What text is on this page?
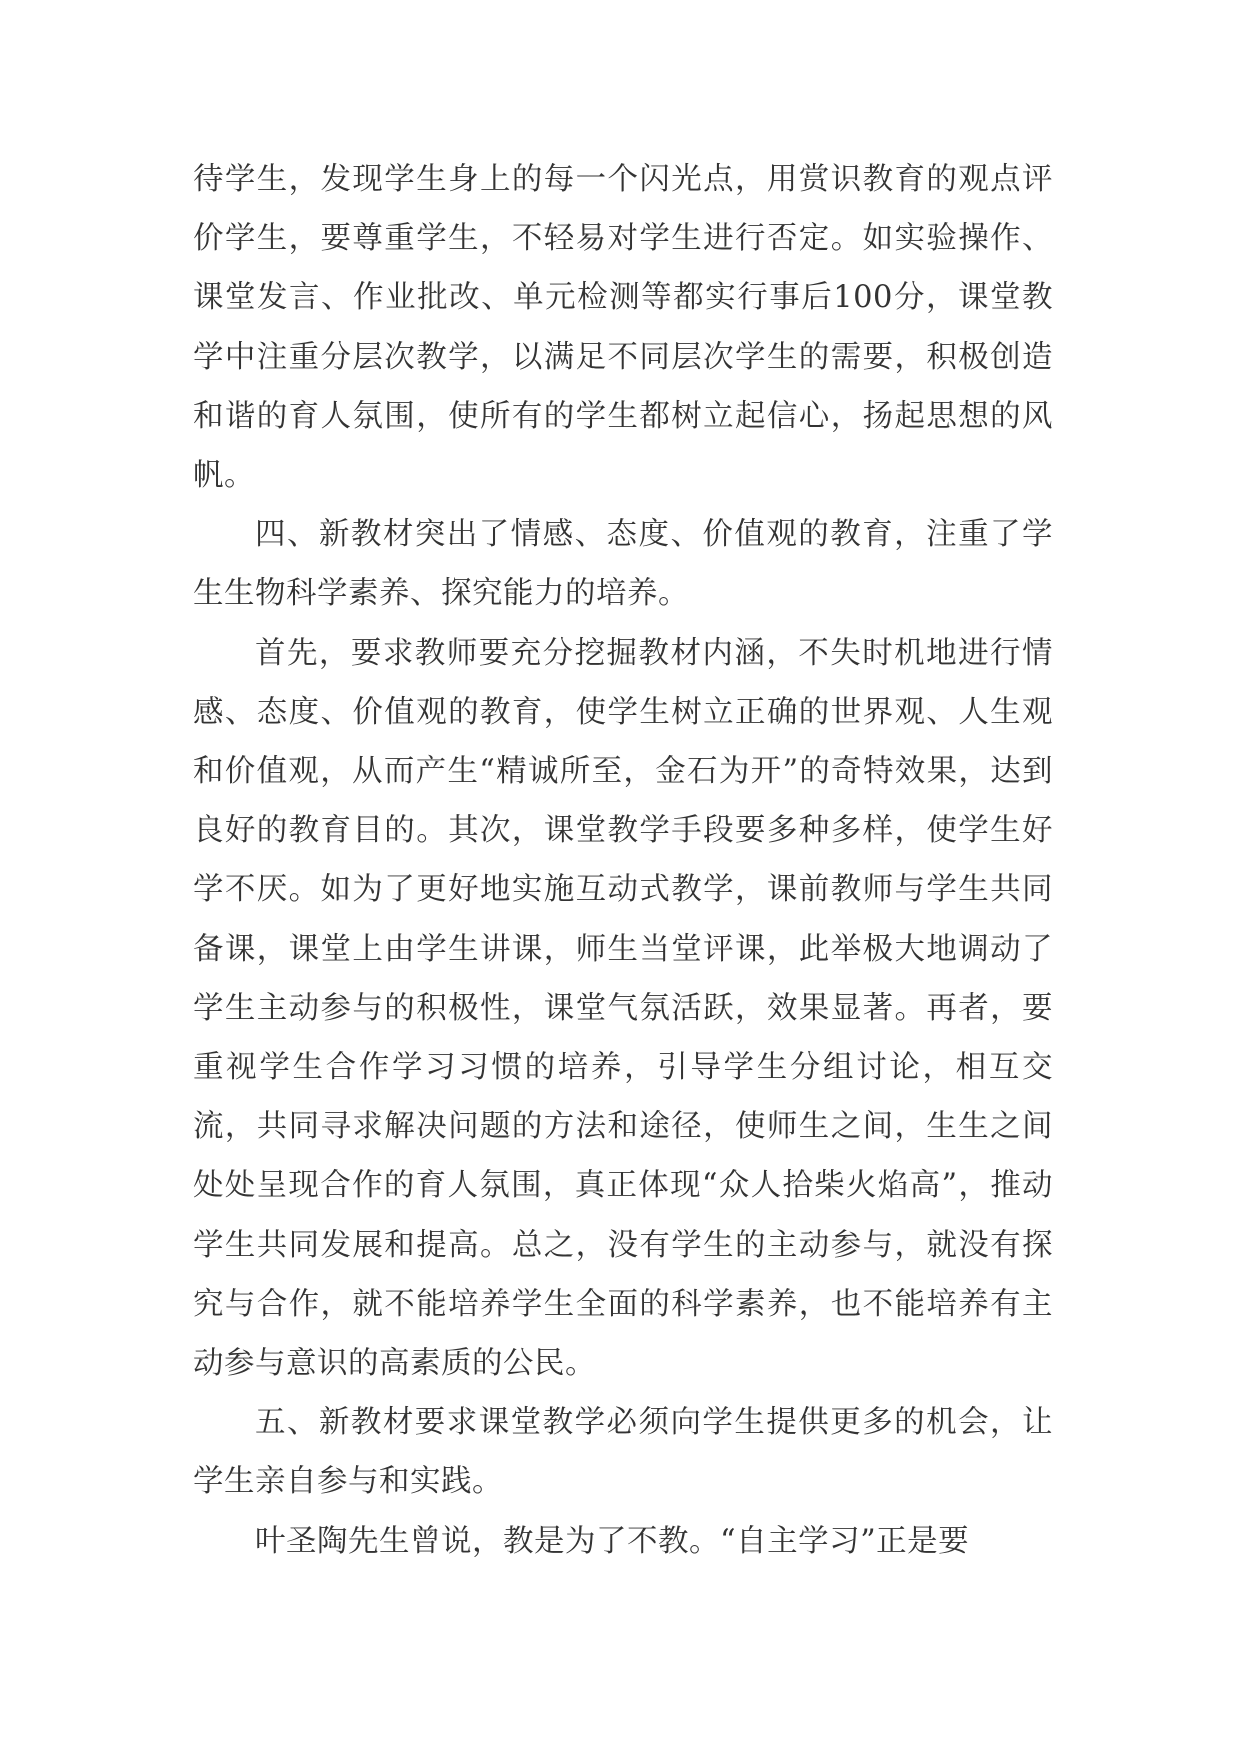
待学生，发现学生身上的每一个闪光点，用赏识教育的观点评价学生，要尊重学生，不轻易对学生进行否定。如实验操作、课堂发言、作业批改、单元检测等都实行事后100分，课堂教学中注重分层次教学，以满足不同层次学生的需要，积极创造和谐的育人氛围，使所有的学生都树立起信心，扬起思想的风帆。

四、新教材突出了情感、态度、价值观的教育，注重了学生生物科学素养、探究能力的培养。

首先，要求教师要充分挖掘教材内涵，不失时机地进行情感、态度、价值观的教育，使学生树立正确的世界观、人生观和价值观，从而产生“精诚所至，金石为开”的奇特效果，达到良好的教育目的。其次，课堂教学手段要多种多样，使学生好学不厌。如为了更好地实施互动式教学，课前教师与学生共同备课，课堂上由学生讲课，师生当堂评课，此举极大地调动了学生主动参与的积极性，课堂气氛活跃，效果显著。再者，要重视学生合作学习习惯的培养，引导学生分组讨论，相互交流，共同寻求解决问题的方法和途径，使师生之间，生生之间处处呈现合作的育人氛围，真正体现“众人拾柴火焰高”，推动学生共同发展和提高。总之，没有学生的主动参与，就没有探究与合作，就不能培养学生全面的科学素养，也不能培养有主动参与意识的高素质的公民。

五、新教材要求课堂教学必须向学生提供更多的机会，让学生亲自参与和实践。

叶圣陶先生曾说，教是为了不教。“自主学习”正是要
